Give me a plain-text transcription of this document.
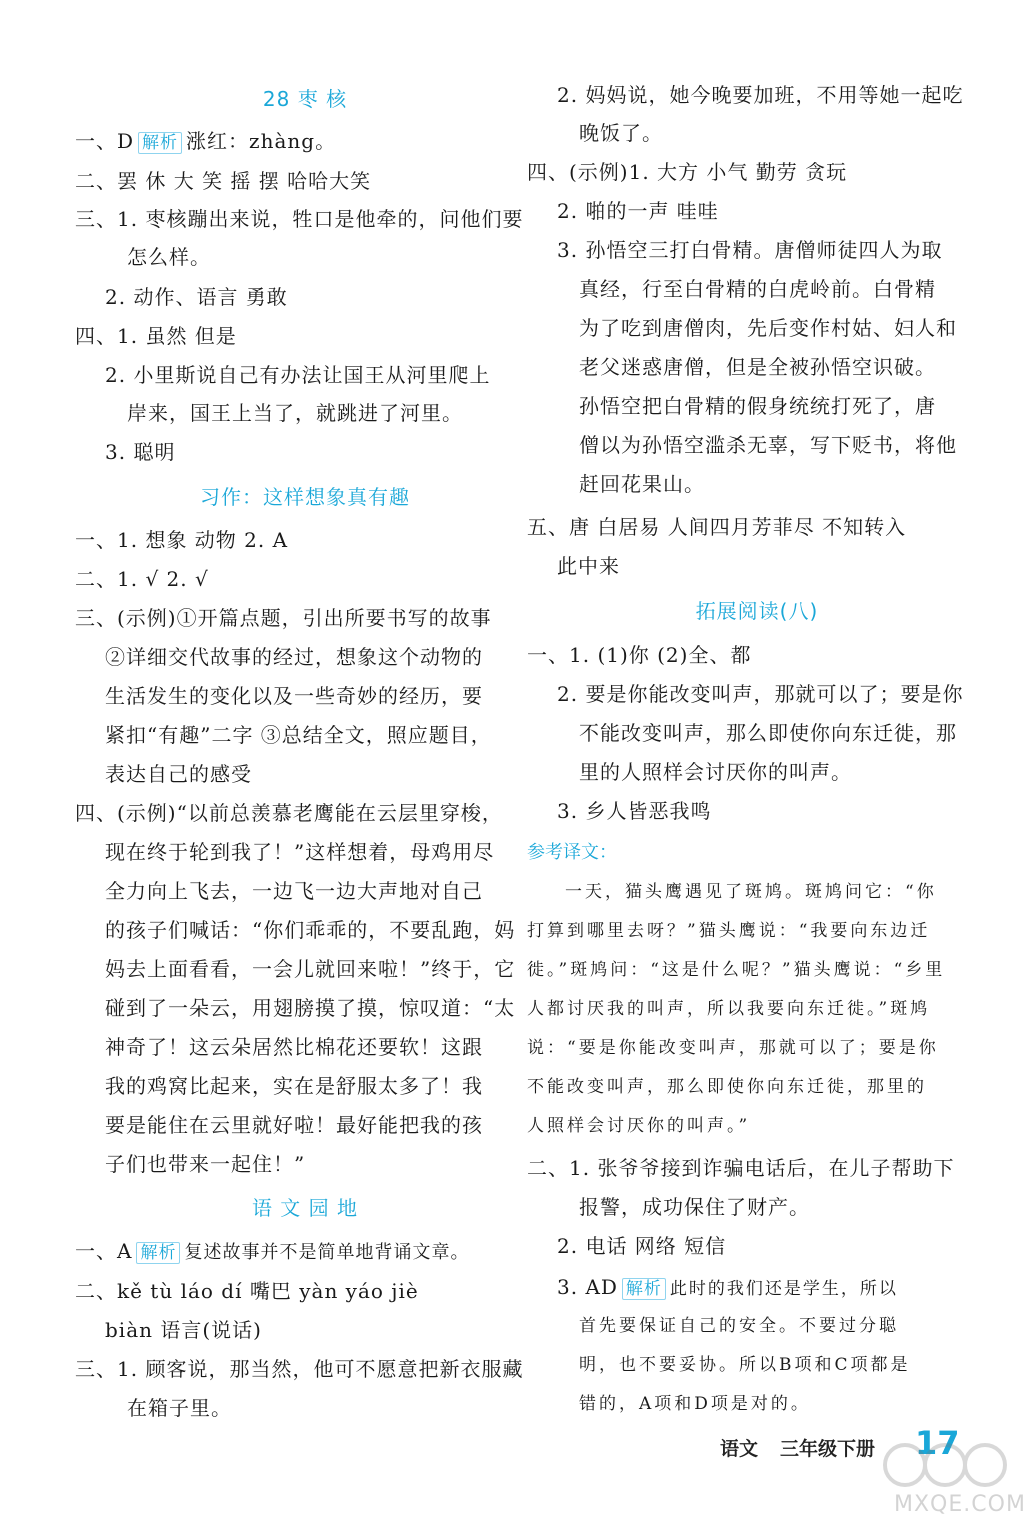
28 枣 核
一、D 解析 涨红：zhàng。
二、罢 休 大 笑 摇 摆 哈哈大笑
三、1. 枣核蹦出来说，牲口是他牵的，问他们要
怎么样。
2. 动作、语言 勇敢
四、1. 虽然 但是
2. 小里斯说自己有办法让国王从河里爬上
岸来，国王上当了，就跳进了河里。
3. 聪明
习作：这样想象真有趣
一、1. 想象 动物 2. A
二、1. √ 2. √
三、(示例)①开篇点题，引出所要书写的故事
②详细交代故事的经过，想象这个动物的
生活发生的变化以及一些奇妙的经历，要
紧扣“有趣”二字 ③总结全文，照应题目，
表达自己的感受
四、(示例)“以前总羡慕老鹰能在云层里穿梭，
现在终于轮到我了！”这样想着，母鸡用尽
全力向上飞去，一边飞一边大声地对自己
的孩子们喊话：“你们乖乖的，不要乱跑，妈
妈去上面看看，一会儿就回来啦！”终于，它
碰到了一朵云，用翅膀摸了摸，惊叹道：“太
神奇了！这云朵居然比棉花还要软！这跟
我的鸡窝比起来，实在是舒服太多了！我
要是能住在云里就好啦！最好能把我的孩
子们也带来一起住！”
语 文 园 地
一、A 解析 复述故事并不是简单地背诵文章。
二、kě tù láo dí 嘴巴 yàn yáo jiè
biàn 语言(说话)
三、1. 顾客说，那当然，他可不愿意把新衣服藏
在箱子里。
2. 妈妈说，她今晚要加班，不用等她一起吃
晚饭了。
四、(示例)1. 大方 小气 勤劳 贪玩
2. 啪的一声 哇哇
3. 孙悟空三打白骨精。唐僧师徒四人为取
真经，行至白骨精的白虎岭前。白骨精
为了吃到唐僧肉，先后变作村姑、妇人和
老父迷惑唐僧，但是全被孙悟空识破。
孙悟空把白骨精的假身统统打死了，唐
僧以为孙悟空滥杀无辜，写下贬书，将他
赶回花果山。
五、唐 白居易 人间四月芳菲尽 不知转入
此中来
拓展阅读(八)
一、1. (1)你 (2)全、都
2. 要是你能改变叫声，那就可以了；要是你
不能改变叫声，那么即使你向东迁徙，那
里的人照样会讨厌你的叫声。
3. 乡人皆恶我鸣
参考译文：
一天，猫头鹰遇见了斑鸠。斑鸠问它：“你
打算到哪里去呀？”猫头鹰说：“我要向东边迁
徙。”斑鸠问：“这是什么呢？”猫头鹰说：“乡里
人都讨厌我的叫声，所以我要向东迁徙。”斑鸠
说：“要是你能改变叫声，那就可以了；要是你
不能改变叫声，那么即使你向东迁徙，那里的
人照样会讨厌你的叫声。”
二、1. 张爷爷接到诈骗电话后，在儿子帮助下
报警，成功保住了财产。
2. 电话 网络 短信
3. AD 解析 此时的我们还是学生，所以
首先要保证自己的安全。不要过分聪
明，也不要妥协。所以B项和C项都是
错的，A项和D项是对的。
语文 三年级下册 17
MXQE.COM
